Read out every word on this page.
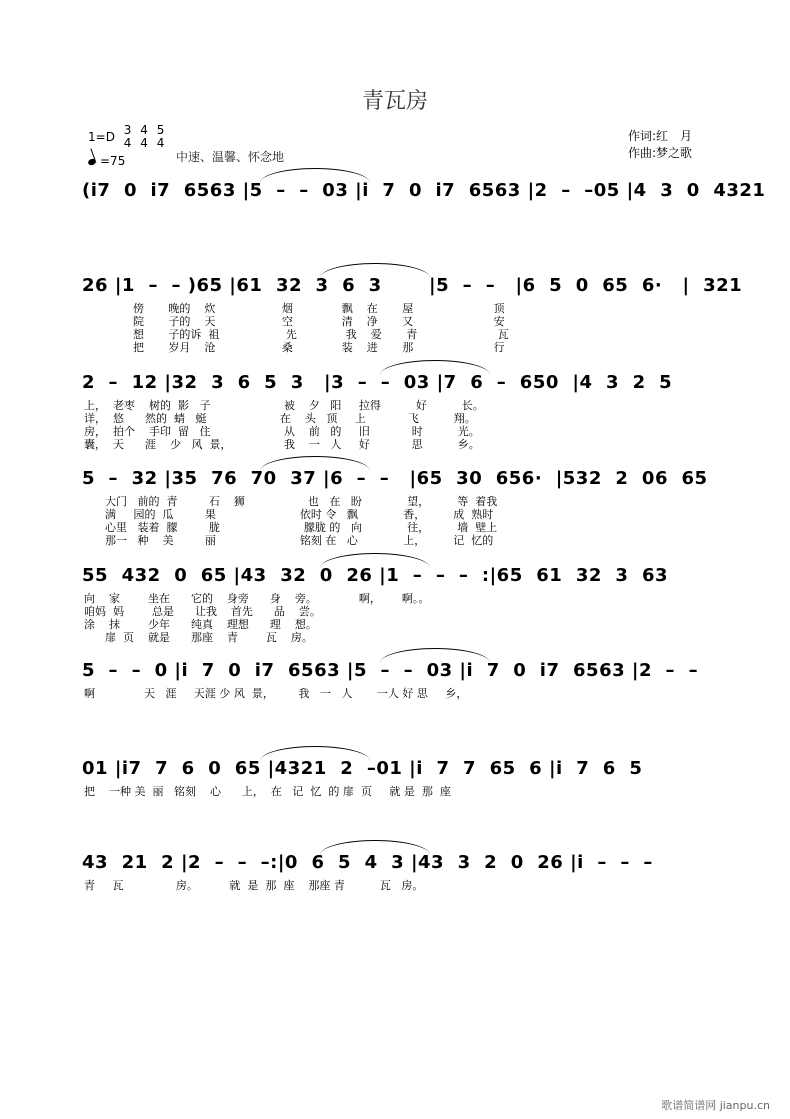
青瓦房
1=D 3
4

4
4

5
4
中速、温馨、怀念地
=75
作词:红　月
作曲:梦之歌
(i7  0  i7  6563 |5  –  –  03 |i  7  0  i7  6563 |2  –  –05 |4  3  0  4321
26 |1  –  – )65 |61  32  3  6  3       |5  –  –   |6  5  0  65  6·   |  321
傍       晚的    炊                   烟              飘    在       屋                       顶
院       子的    天                   空              清    净       又                       安
想       子的诉  祖                   先              我    爱       青                       瓦
把       岁月    沧                   桑              装    进       那                       行
2  –  12 |32  3  6  5  3   |3  –  –  03 |7  6  –  650  |4  3  2  5
上，  老枣    树的  影   子                     被    夕   阳     拉得          好          长。
详，  悠      然的  蜻   蜓                     在    头   顶     上            飞          翔。
房，  拍个    手印  留   住                     从    前   的     旧            时          光。
囊，  天      涯    少   风  景，               我    一   人     好            思          乡。
5  –  32 |35  76  70  37 |6  –  –   |65  30  656·  |532  2  06  65
大门   前的  青         石    狮                  也   在   盼             望，        等  着我
满     园的  瓜         果                        依时 令   飘             香，        成  熟时
心里   装着  朦         胧                        朦胧 的   向             往，        墙  壁上
那一   种    美         丽                        铭刻 在   心             上，        记  忆的
55  432  0  65 |43  32  0  26 |1  –  –  –  :|65  61  32  3  63
向    家        坐在      它的    身旁      身    旁。            啊，      啊。。
咱妈  妈        总是      让我    首先      品    尝。
涂    抹        少年      纯真    理想      理    想。
扉  页    就是      那座    青        瓦    房。
5  –  –  0 |i  7  0  i7  6563 |5  –  –  03 |i  7  0  i7  6563 |2  –  –
啊              天   涯     天涯 少 风  景，       我   一   人       一人 好 思     乡，
01 |i7  7  6  0  65 |4321  2  –01 |i  7  7  65  6 |i  7  6  5
把    一种 美  丽   铭刻    心      上，  在   记  忆  的 扉  页     就 是  那  座
43  21  2 |2  –  –  –:|0  6  5  4  3 |43  3  2  0  26 |i  –  –  –
青     瓦               房。         就  是  那  座    那座 青          瓦   房。
歌谱简谱网 jianpu.cn
